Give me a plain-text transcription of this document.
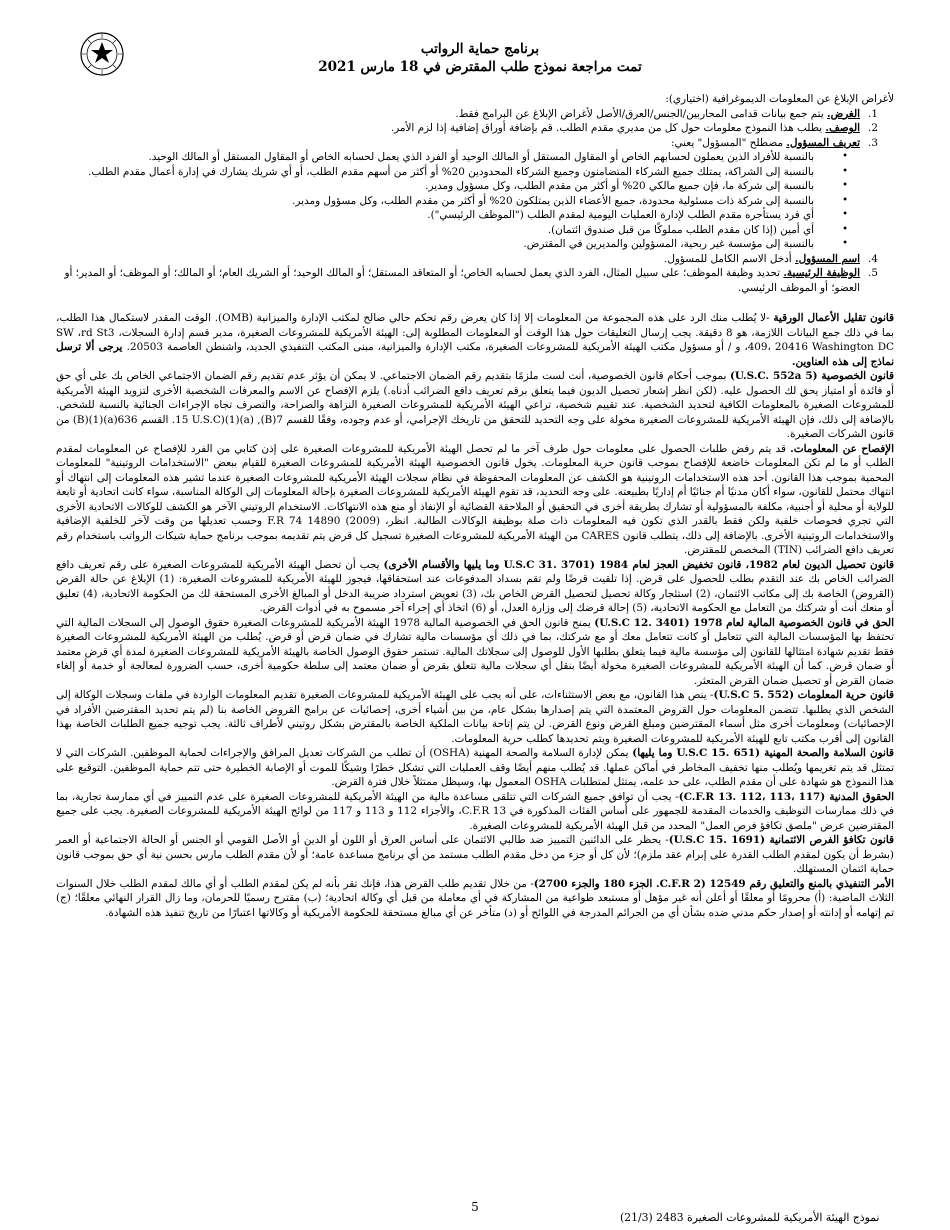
برنامج حماية الرواتب
تمت مراجعة نموذج طلب المقترض في 18 مارس 2021

لأغراض الإبلاغ عن المعلومات الديموغرافية (اختياري):

1.
الغرض. يتم جمع بيانات قدامى المحاربين/الجنس/العرق/الأصل لأغراض الإبلاغ عن البرامج فقط.
2.
الوصف. يطلب هذا النموذج معلومات حول كل من مديري مقدم الطلب. قم بإضافة أوراق إضافية إذا لزم الأمر.
3.
تعريف المسؤول. مصطلح "المسؤول" يعني:
• بالنسبة للأفراد الذين يعملون لحسابهم الخاص أو المقاول المستقل أو المالك الوحيد أو الفرد الذي يعمل لحسابه الخاص أو المقاول المستقل أو المالك الوحيد.
• بالنسبة إلى الشراكة، يمتلك جميع الشركاء المتضامنون وجميع الشركاء المحدودين 20% أو أكثر من أسهم مقدم الطلب، أو أي شريك يشارك في إدارة أعمال مقدم الطلب.
• بالنسبة إلى شركة ما، فإن جميع مالكي 20% أو أكثر من مقدم الطلب، وكل مسؤول ومدير.
• بالنسبة إلى شركة ذات مسئولية محدودة، جميع الأعضاء الذين يمتلكون 20% أو أكثر من مقدم الطلب، وكل مسؤول ومدير.
• أي فرد يستأجره مقدم الطلب لإدارة العمليات اليومية لمقدم الطلب ("الموظف الرئيسي").
• أي أمين (إذا كان مقدم الطلب مملوكًا من قبل صندوق ائتمان).
• بالنسبة إلى مؤسسة غير ربحية، المسؤولين والمديرين في المقترض.
4.
اسم المسؤول. أدخل الاسم الكامل للمسؤول.
5.
الوظيفة الرئيسية. تحديد وظيفة الموظف؛ على سبيل المثال، الفرد الذي يعمل لحسابه الخاص؛ أو المتعاقد المستقل؛ أو المالك الوحيد؛ أو الشريك العام؛ أو المالك؛ أو الموظف؛ أو المدير؛ أو العضو؛ أو الموظف الرئيسي.

قانون تقليل الأعمال الورقية -لا يُطلب منك الرد على هذه المجموعة من المعلومات إلا إذا كان يعرض رقم تحكم حالي صالح لمكتب الإدارة والميزانية (OMB). الوقت المقدر لاستكمال هذا الطلب، بما في ذلك جمع البيانات اللازمة، هو 8 دقيقة. يجب إرسال التعليقات حول هذا الوقت أو المعلومات المطلوبة إلى: الهيئة الأمريكية للمشروعات الصغيرة، مدير قسم إدارة السجلات، SW ،rd St3 409، 20416 Washington DC، و / أو مسؤول مكتب الهيئة الأمريكية للمشروعات الصغيرة، مكتب الإدارة والميزانية، مبنى المكتب التنفيذي الجديد، واشنطن العاصمة 20503. يرجى ألا ترسل نماذج إلى هذه العناوين.

قانون الخصوصية (U.S.C. 552a 5) بموجب أحكام قانون الخصوصية، أنت لست ملزمًا بتقديم رقم الضمان الاجتماعي. لا يمكن أن يؤثر عدم تقديم رقم الضمان الاجتماعي الخاص بك على أي حق أو فائدة أو امتياز يحق لك الحصول عليه. (لكن انظر إشعار تحصيل الديون فيما يتعلق برقم تعريف دافع الضرائب أدناه.) يلزم الإفصاح عن الاسم والمعرفات الشخصية الأخرى لتزويد الهيئة الأمريكية للمشروعات الصغيرة بالمعلومات الكافية لتحديد الشخصية. عند تقييم شخصية، تراعي الهيئة الأمريكية للمشروعات الصغيرة النزاهة والصراحة، والتصرف تجاه الإجراءات الجنائية بالنسبة للشخص. بالإضافة إلى ذلك، فإن الهيئة الأمريكية للمشروعات الصغيرة مخولة على وجه التحديد للتحقق من تاريخك الإجرامي، أو عدم وجوده، وفقًا للقسم 7(B), 15 U.S.C)(1)(a). القسم 636(a)(1)(B) من قانون الشركات الصغيرة.

الإفصاح عن المعلومات. قد يتم رفض طلبات الحصول على معلومات حول طرف آخر ما لم تحصل الهيئة الأمريكية للمشروعات الصغيرة على إذن كتابي من الفرد للإفصاح عن المعلومات لمقدم الطلب أو ما لم تكن المعلومات خاضعة للإفصاح بموجب قانون حرية المعلومات. يخول قانون الخصوصية الهيئة الأمريكية للمشروعات الصغيرة للقيام ببعض "الاستخدامات الروتينية" للمعلومات المحمية بموجب هذا القانون. أحد هذه الاستخدامات الروتينية هو الكشف عن المعلومات المحفوظة في نظام سجلات الهيئة الأمريكية للمشروعات الصغيرة عندما تشير هذه المعلومات إلى انتهاك أو انتهاك محتمل للقانون، سواء أكان مدنيًا أم جنائيًا أم إداريًا بطبيعته. على وجه التحديد، قد تقوم الهيئة الأمريكية للمشروعات الصغيرة بإحالة المعلومات إلى الوكالة المناسبة، سواء كانت اتحادية أو تابعة للولاية أو محلية أو أجنبية، مكلفة بالمسؤولية أو تشارك بطريقة أخرى في التحقيق أو الملاحقة القضائية أو الإنفاذ أو منع هذه الانتهاكات. الاستخدام الروتيني الآخر هو الكشف للوكالات الاتحادية الأخرى التي تجري فحوصات خلفية ولكن فقط بالقدر الذي تكون فيه المعلومات ذات صلة بوظيفة الوكالات الطالبة. انظر، F.R 74 14890 (2009) وحسب تعديلها من وقت لآخر للخلفية الإضافية والاستخدامات الروتينية الأخرى. بالإضافة إلى ذلك، يتطلب قانون CARES من الهيئة الأمريكية للمشروعات الصغيرة تسجيل كل قرض يتم تقديمه بموجب برنامج حماية شيكات الرواتب باستخدام رقم تعريف دافع الضرائب (TIN) المخصص للمقترض.

قانون تحصيل الديون لعام 1982، قانون تخفيض العجز لعام 1984 (U.S.C 31. 3701 وما يليها والأقسام الأخرى) يجب أن تحصل الهيئة الأمريكية للمشروعات الصغيرة على رقم تعريف دافع الضرائب الخاص بك عند التقدم بطلب للحصول على قرض. إذا تلقيت قرضًا ولم تقم بسداد المدفوعات عند استحقاقها، فيجوز للهيئة الأمريكية للمشروعات الصغيرة: (1) الإبلاغ عن حالة القرض (القروض) الخاصة بك إلى مكاتب الائتمان، (2) استئجار وكالة تحصيل لتحصيل القرض الخاص بك، (3) تعويض استرداد ضريبة الدخل أو المبالغ الأخرى المستحقة لك من الحكومة الاتحادية، (4) تعليق أو منعك أنت أو شركتك من التعامل مع الحكومة الاتحادية، (5) إحالة قرضك إلى وزارة العدل، أو (6) اتخاذ أي إجراء آخر مسموح به في أدوات القرض.

الحق في قانون الخصوصية المالية لعام 1978 (U.S.C 12. 3401) يمنح قانون الحق في الخصوصية المالية 1978 الهيئة الأمريكية للمشروعات الصغيرة حقوق الوصول إلى السجلات المالية التي تحتفظ بها المؤسسات المالية التي تتعامل أو كانت تتعامل معك أو مع شركتك، بما في ذلك أي مؤسسات مالية تشارك في ضمان قرض أو قرض. يُطلب من الهيئة الأمريكية للمشروعات الصغيرة فقط تقديم شهادة امتثالها للقانون إلى مؤسسة مالية فيما يتعلق بطلبها الأول للوصول إلى سجلاتك المالية. تستمر حقوق الوصول الخاصة بالهيئة الأمريكية للمشروعات الصغيرة لمدة أي قرض معتمد أو ضمان قرض. كما أن الهيئة الأمريكية للمشروعات الصغيرة مخولة أيضًا بنقل أي سجلات مالية تتعلق بقرض أو ضمان معتمد إلى سلطة حكومية أخرى، حسب الضرورة لمعالجة أو خدمة أو إلغاء ضمان القرض أو تحصيل ضمان القرض المتعثر.

قانون حرية المعلومات (U.S.C 5. 552)- ينص هذا القانون، مع بعض الاستثناءات، على أنه يجب على الهيئة الأمريكية للمشروعات الصغيرة تقديم المعلومات الواردة في ملفات وسجلات الوكالة إلى الشخص الذي يطلبها. تتضمن المعلومات حول القروض المعتمدة التي يتم إصدارها بشكل عام، من بين أشياء أخرى، إحصائيات عن برامج القروض الخاصة بنا (لم يتم تحديد المقترضين الأفراد في الإحصائيات) ومعلومات أخرى مثل أسماء المقترضين ومبلغ القرض ونوع القرض. لن يتم إتاحة بيانات الملكية الخاصة بالمقترض بشكل روتيني لأطراف ثالثة. يجب توجيه جميع الطلبات الخاصة بهذا القانون إلى أقرب مكتب تابع للهيئة الأمريكية للمشروعات الصغيرة ويتم تحديدها كطلب حرية المعلومات.

قانون السلامة والصحة المهنية (U.S.C 15. 651 وما يليها) يمكن لإدارة السلامة والصحة المهنية (OSHA) أن تطلب من الشركات تعديل المرافق والإجراءات لحماية الموظفين. الشركات التي لا تمتثل قد يتم تغريمها ويُطلب منها تخفيف المخاطر في أماكن عملها. قد يُطلب منهم أيضًا وقف العمليات التي تشكل خطرًا وشيكًا للموت أو الإصابة الخطيرة حتى تتم حماية الموظفين. التوقيع على هذا النموذج هو شهادة على أن مقدم الطلب، على حد علمه، يمتثل لمتطلبات OSHA المعمول بها، وسيظل ممتثلاً خلال فترة القرض.

الحقوق المدنية (C.F.R 13. 112، 113، 117)- يجب أن توافق جميع الشركات التي تتلقى مساعدة مالية من الهيئة الأمريكية للمشروعات الصغيرة على عدم التمييز في أي ممارسة تجارية، بما في ذلك ممارسات التوظيف والخدمات المقدمة للجمهور على أساس الفئات المذكورة في C.F.R 13، والأجزاء 112 و 113 و 117 من لوائح الهيئة الأمريكية للمشروعات الصغيرة. يجب على جميع المقترضين عرض "ملصق تكافؤ فرص العمل" المحدد من قبل الهيئة الأمريكية للمشروعات الصغيرة.

قانون تكافؤ الفرص الائتمانية (U.S.C 15. 1691)- يحظر على الدائنين التمييز ضد طالبي الائتمان على أساس العرق أو اللون أو الدين أو الأصل القومي أو الجنس أو الحالة الاجتماعية أو العمر (بشرط أن يكون لمقدم الطلب القدرة على إبرام عقد ملزم)؛ لأن كل أو جزء من دخل مقدم الطلب مستمد من أي برنامج مساعدة عامة؛ أو لأن مقدم الطلب مارس بحسن نية أي حق بموجب قانون حماية ائتمان المستهلك.

الأمر التنفيذي بالمنع والتعليق رقم 12549 (C.F.R 2. الجزء 180 والجزء 2700)- من خلال تقديم طلب القرض هذا، فإنك تقر بأنه لم يكن لمقدم الطلب أو أي مالك لمقدم الطلب خلال السنوات الثلاث الماضية: (أ) محرومًا أو معلقًا أو أعلن أنه غير مؤهل أو مستبعد طواعية من المشاركة في أي معاملة من قبل أي وكالة اتحادية؛ (ب) مقترح رسميًا للحرمان، وما زال القرار النهائي معلقًا؛ (ج) تم إتهامه أو إدانته أو إصدار حكم مدني ضده بشأن أي من الجرائم المدرجة في اللوائح أو (د) متأخر عن أي مبالغ مستحقة للحكومة الأمريكية أو وكالاتها اعتبارًا من تاريخ تنفيذ هذه الشهادة.

5
نموذج الهيئة الأمريكية للمشروعات الصغيرة 2483 (21/3)
